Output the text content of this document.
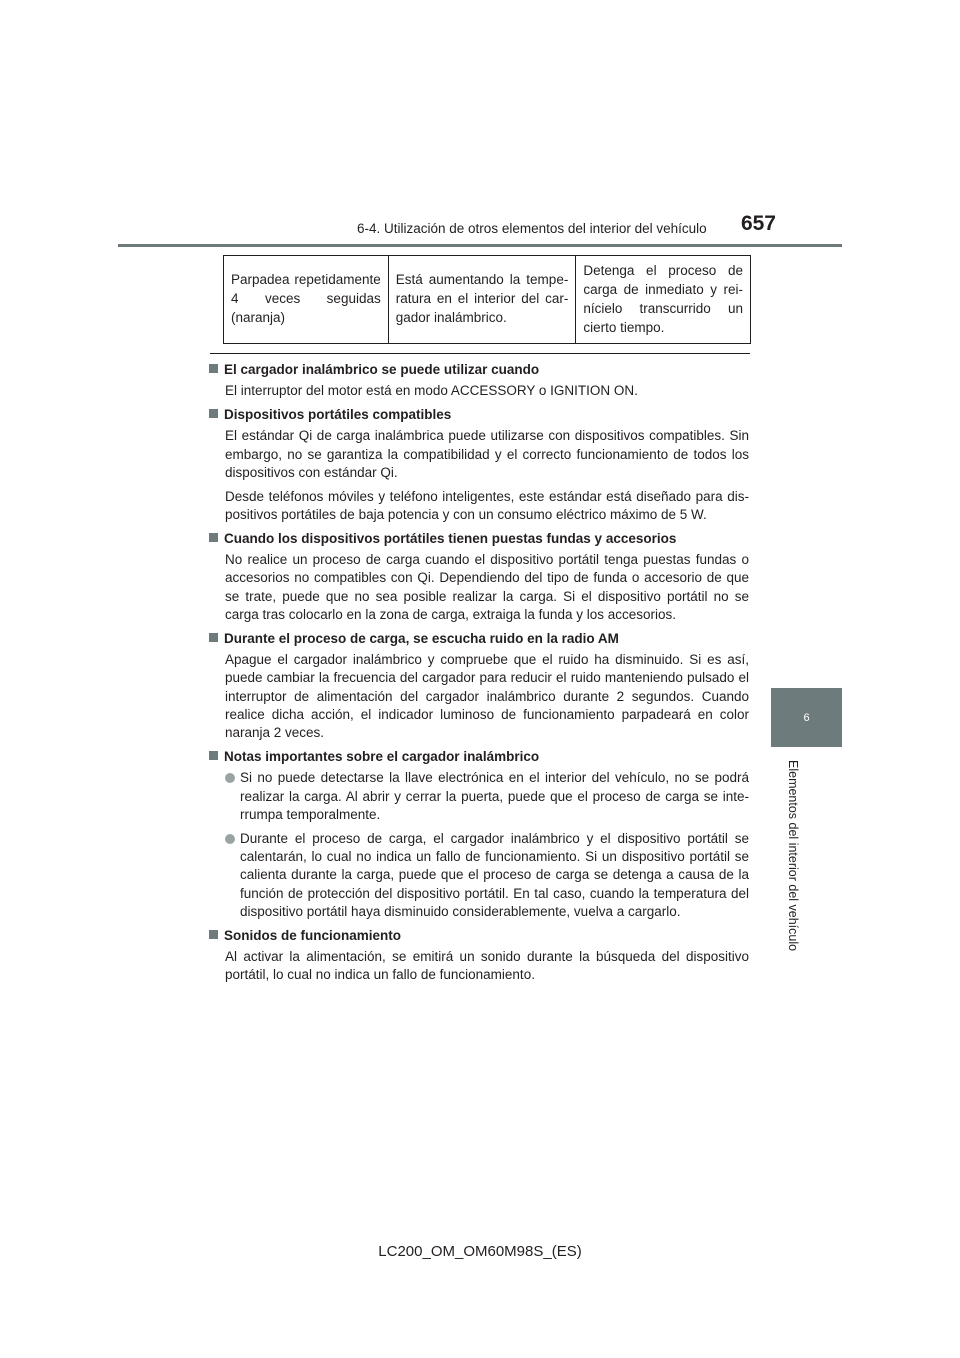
6-4. Utilización de otros elementos del interior del vehículo	657
6
Elementos del interior del vehículo
Parpadea repetidamente 4 veces seguidas (naranja)	Está aumentando la tempe-ratura en el interior del car-gador inalámbrico.	Detenga el proceso de carga de inmediato y rei-nícielo transcurrido un cierto tiempo.
El cargador inalámbrico se puede utilizar cuando
El interruptor del motor está en modo ACCESSORY o IGNITION ON.
Dispositivos portátiles compatibles
El estándar Qi de carga inalámbrica puede utilizarse con dispositivos compatibles. Sin embargo, no se garantiza la compatibilidad y el correcto funcionamiento de todos los dispositivos con estándar Qi.
Desde teléfonos móviles y teléfono inteligentes, este estándar está diseñado para dis-positivos portátiles de baja potencia y con un consumo eléctrico máximo de 5 W.
Cuando los dispositivos portátiles tienen puestas fundas y accesorios
No realice un proceso de carga cuando el dispositivo portátil tenga puestas fundas o accesorios no compatibles con Qi. Dependiendo del tipo de funda o accesorio de que se trate, puede que no sea posible realizar la carga. Si el dispositivo portátil no se carga tras colocarlo en la zona de carga, extraiga la funda y los accesorios.
Durante el proceso de carga, se escucha ruido en la radio AM
Apague el cargador inalámbrico y compruebe que el ruido ha disminuido. Si es así, puede cambiar la frecuencia del cargador para reducir el ruido manteniendo pulsado el interruptor de alimentación del cargador inalámbrico durante 2 segundos. Cuando realice dicha acción, el indicador luminoso de funcionamiento parpadeará en color naranja 2 veces.
Notas importantes sobre el cargador inalámbrico
Si no puede detectarse la llave electrónica en el interior del vehículo, no se podrá realizar la carga. Al abrir y cerrar la puerta, puede que el proceso de carga se inte-rrumpa temporalmente.
Durante el proceso de carga, el cargador inalámbrico y el dispositivo portátil se calentarán, lo cual no indica un fallo de funcionamiento. Si un dispositivo portátil se calienta durante la carga, puede que el proceso de carga se detenga a causa de la función de protección del dispositivo portátil. En tal caso, cuando la temperatura del dispositivo portátil haya disminuido considerablemente, vuelva a cargarlo.
Sonidos de funcionamiento
Al activar la alimentación, se emitirá un sonido durante la búsqueda del dispositivo portátil, lo cual no indica un fallo de funcionamiento.
LC200_OM_OM60M98S_(ES)
